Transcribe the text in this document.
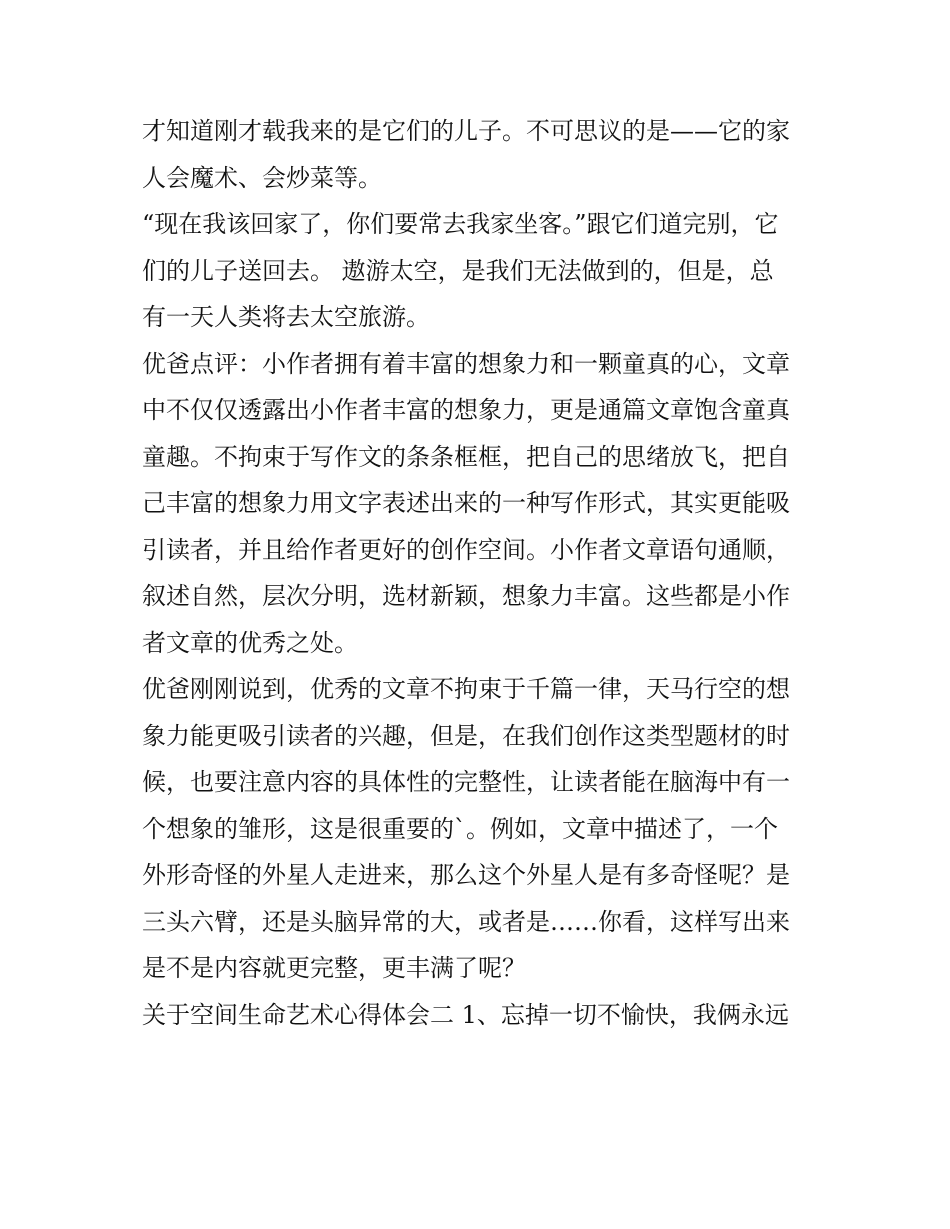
才知道刚才载我来的是它们的儿子。不可思议的是——它的家
人会魔术、会炒菜等。
“现在我该回家了，你们要常去我家坐客。”跟它们道完别，它
们的儿子送回去。 遨游太空，是我们无法做到的，但是，总
有一天人类将去太空旅游。
优爸点评：小作者拥有着丰富的想象力和一颗童真的心，文章
中不仅仅透露出小作者丰富的想象力，更是通篇文章饱含童真
童趣。不拘束于写作文的条条框框，把自己的思绪放飞，把自
己丰富的想象力用文字表述出来的一种写作形式，其实更能吸
引读者，并且给作者更好的创作空间。小作者文章语句通顺，
叙述自然，层次分明，选材新颖，想象力丰富。这些都是小作
者文章的优秀之处。
优爸刚刚说到，优秀的文章不拘束于千篇一律，天马行空的想
象力能更吸引读者的兴趣，但是，在我们创作这类型题材的时
候，也要注意内容的具体性的完整性，让读者能在脑海中有一
个想象的雏形，这是很重要的`。例如，文章中描述了，一个
外形奇怪的外星人走进来，那么这个外星人是有多奇怪呢？是
三头六臂，还是头脑异常的大，或者是……你看，这样写出来
是不是内容就更完整，更丰满了呢？
关于空间生命艺术心得体会二 1、忘掉一切不愉快，我俩永远
